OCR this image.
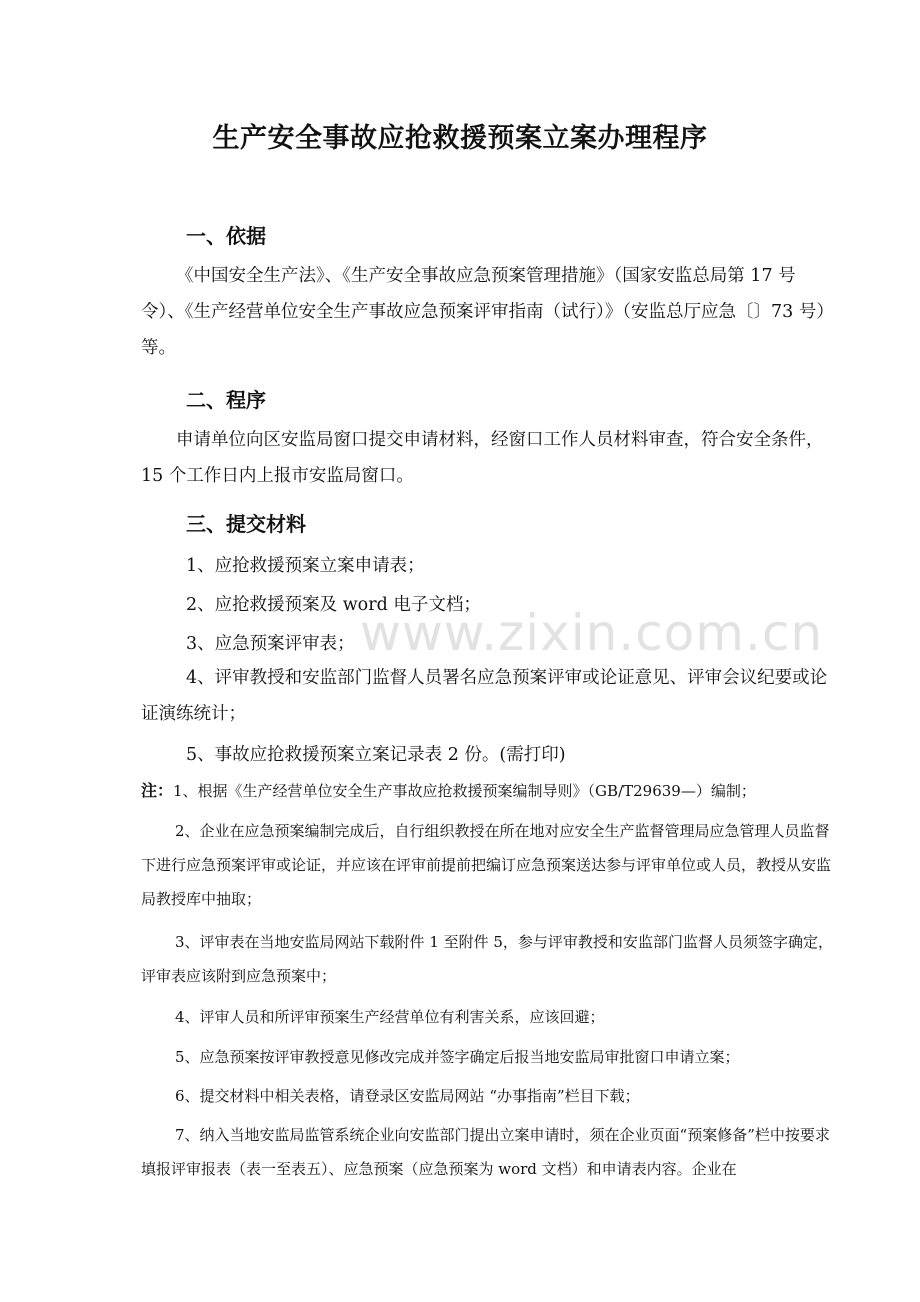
生产安全事故应抢救援预案立案办理程序
一、依据
《中国安全生产法》、《生产安全事故应急预案管理措施》（国家安监总局第 17 号令）、《生产经营单位安全生产事故应急预案评审指南（试行）》（安监总厅应急〔〕73 号）等。
二、程序
申请单位向区安监局窗口提交申请材料，经窗口工作人员材料审查，符合安全条件，15 个工作日内上报市安监局窗口。
三、提交材料
1、应抢救援预案立案申请表；
2、应抢救援预案及 word 电子文档；
3、应急预案评审表；
4、评审教授和安监部门监督人员署名应急预案评审或论证意见、评审会议纪要或论证演练统计；
5、事故应抢救援预案立案记录表 2 份。(需打印)
注：1、根据《生产经营单位安全生产事故应抢救援预案编制导则》（GB/T29639—）编制；
2、企业在应急预案编制完成后，自行组织教授在所在地对应安全生产监督管理局应急管理人员监督下进行应急预案评审或论证，并应该在评审前提前把编订应急预案送达参与评审单位或人员，教授从安监局教授库中抽取；
3、评审表在当地安监局网站下载附件 1 至附件 5，参与评审教授和安监部门监督人员须签字确定，评审表应该附到应急预案中；
4、评审人员和所评审预案生产经营单位有利害关系，应该回避；
5、应急预案按评审教授意见修改完成并签字确定后报当地安监局审批窗口申请立案；
6、提交材料中相关表格，请登录区安监局网站 “办事指南”栏目下载；
7、纳入当地安监局监管系统企业向安监部门提出立案申请时，须在企业页面“预案修备”栏中按要求填报评审报表（表一至表五）、应急预案（应急预案为 word 文档）和申请表内容。企业在
www.zixin.com.cn
